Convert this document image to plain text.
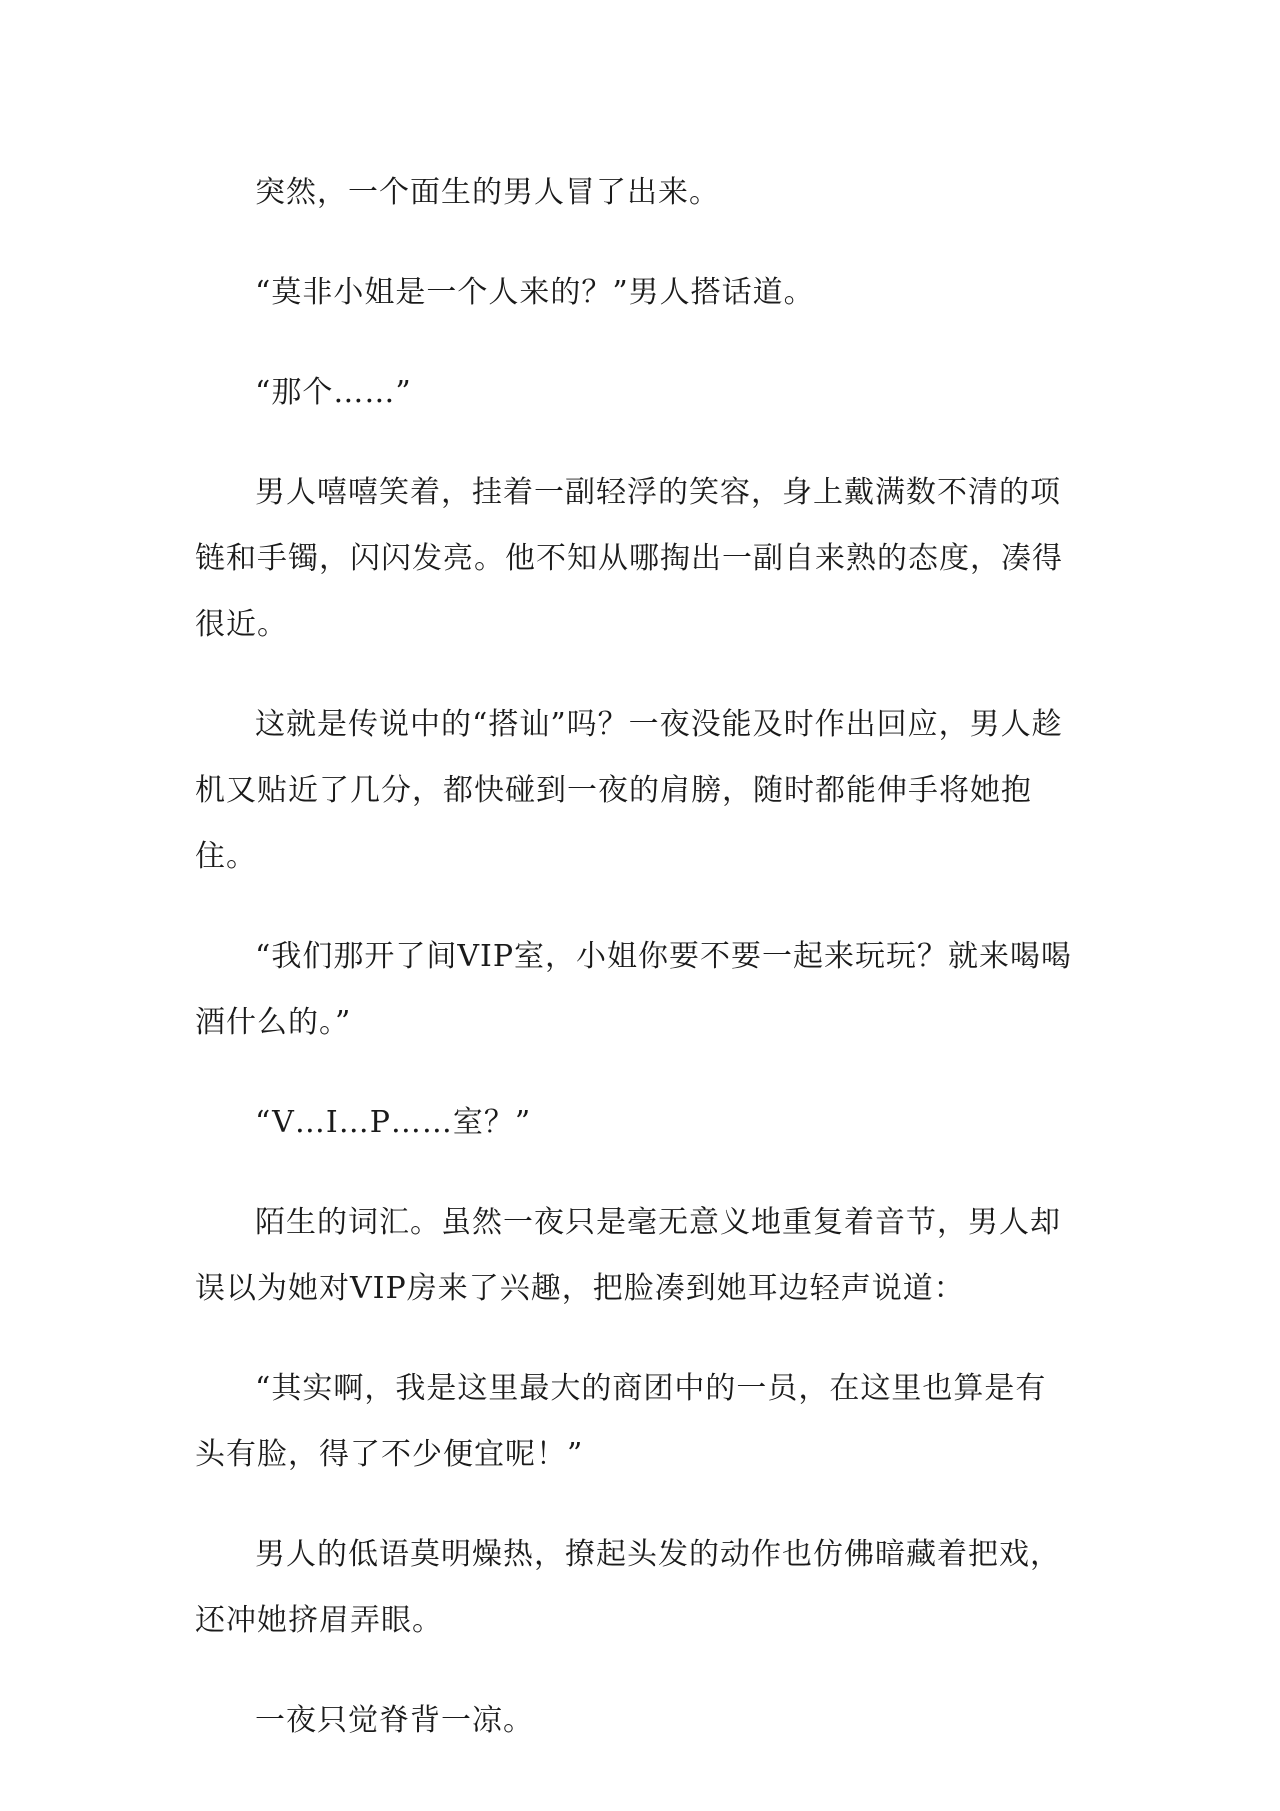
突然，一个面生的男人冒了出来。

“莫非小姐是一个人来的？”男人搭话道。

“那个……”

男人嘻嘻笑着，挂着一副轻浮的笑容，身上戴满数不清的项链和手镯，闪闪发亮。他不知从哪掏出一副自来熟的态度，凑得很近。

这就是传说中的“搭讪”吗？一夜没能及时作出回应，男人趁机又贴近了几分，都快碰到一夜的肩膀，随时都能伸手将她抱住。

“我们那开了间VIP室，小姐你要不要一起来玩玩？就来喝喝酒什么的。”

“V…I…P……室？”

陌生的词汇。虽然一夜只是毫无意义地重复着音节，男人却误以为她对VIP房来了兴趣，把脸凑到她耳边轻声说道：

“其实啊，我是这里最大的商团中的一员，在这里也算是有头有脸，得了不少便宜呢！”

男人的低语莫明燥热，撩起头发的动作也仿佛暗藏着把戏，还冲她挤眉弄眼。

一夜只觉脊背一凉。
